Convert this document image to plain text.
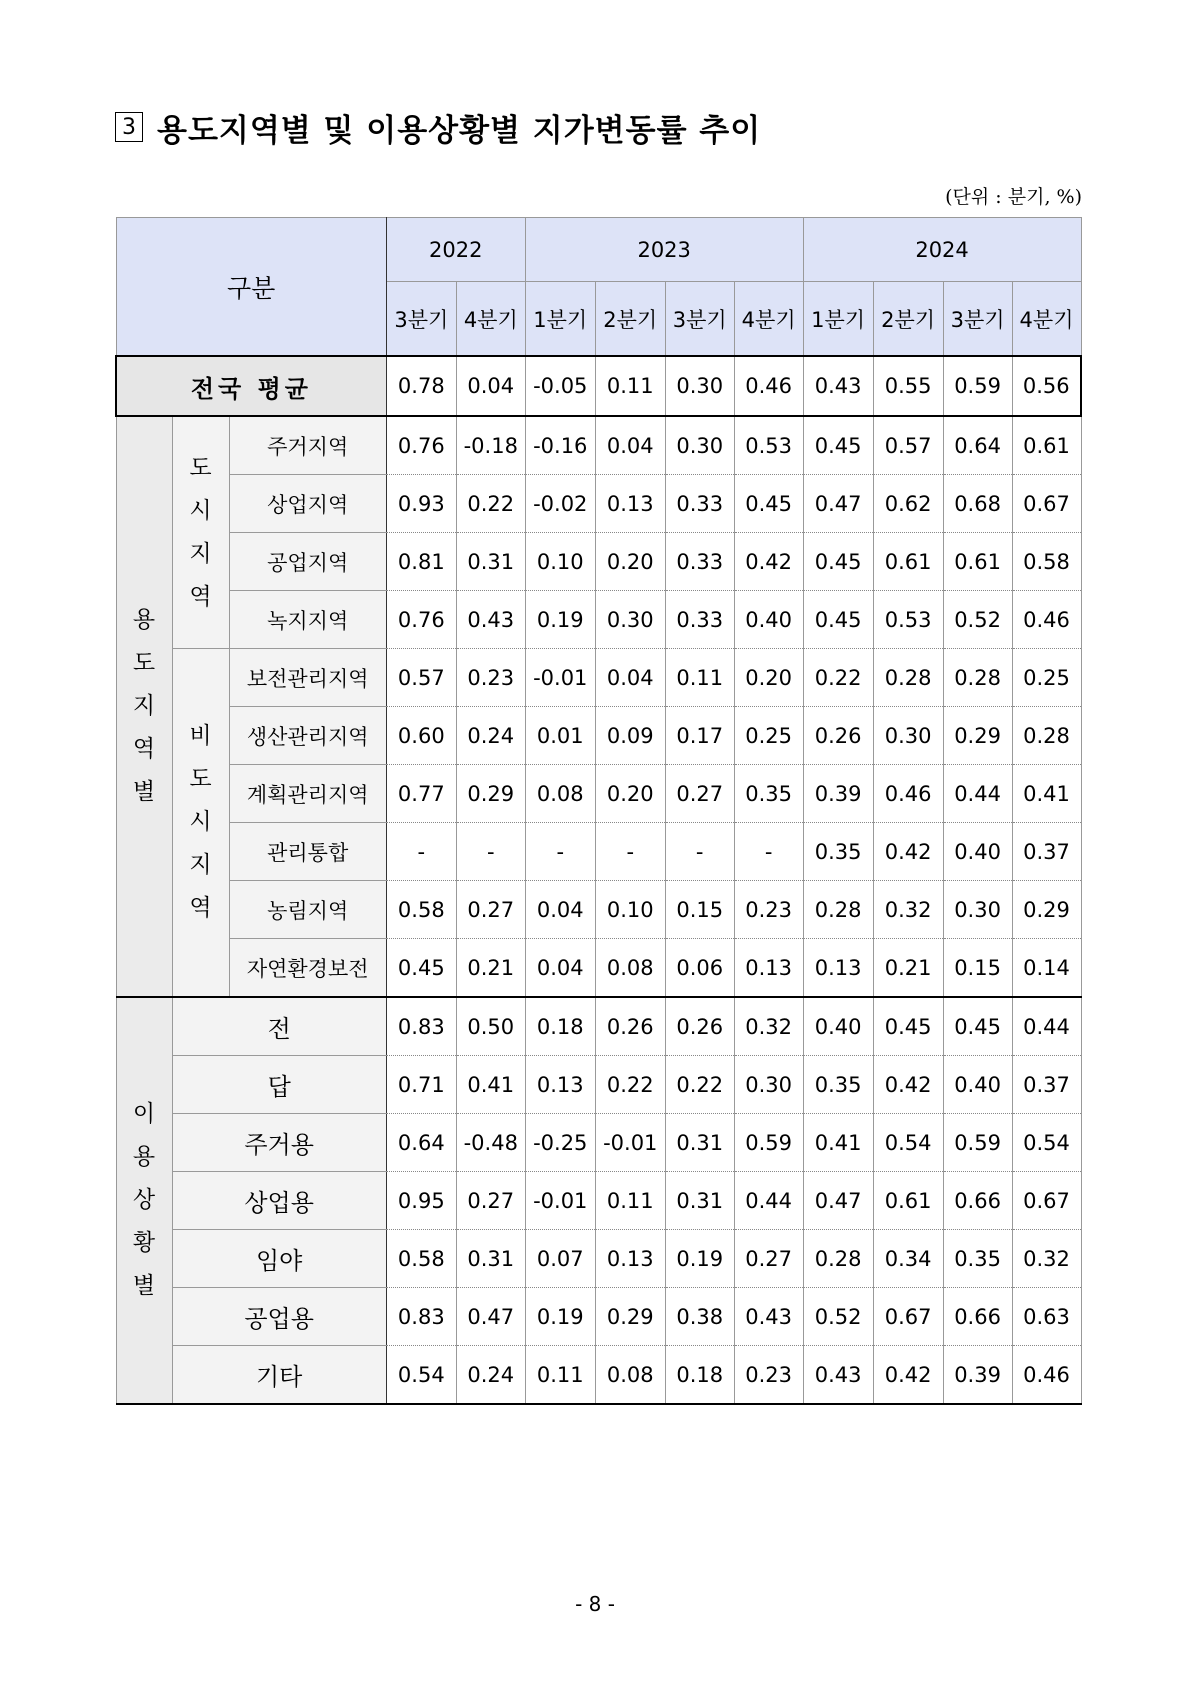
3 용도지역별 및 이용상황별 지가변동률 추이
(단위 : 분기, %)
구분			2022		2023				2024			
			3분기	4분기	1분기	2분기	3분기	4분기	1분기	2분기	3분기	4분기
전국 평균			0.78	0.04	-0.05	0.11	0.30	0.46	0.43	0.55	0.59	0.56
용
도
지
역
별	도
시
지
역	주거지역	0.76	-0.18	-0.16	0.04	0.30	0.53	0.45	0.57	0.64	0.61
		상업지역	0.93	0.22	-0.02	0.13	0.33	0.45	0.47	0.62	0.68	0.67
		공업지역	0.81	0.31	0.10	0.20	0.33	0.42	0.45	0.61	0.61	0.58
		녹지지역	0.76	0.43	0.19	0.30	0.33	0.40	0.45	0.53	0.52	0.46
	비
도
시
지
역	보전관리지역	0.57	0.23	-0.01	0.04	0.11	0.20	0.22	0.28	0.28	0.25
		생산관리지역	0.60	0.24	0.01	0.09	0.17	0.25	0.26	0.30	0.29	0.28
		계획관리지역	0.77	0.29	0.08	0.20	0.27	0.35	0.39	0.46	0.44	0.41
		관리통합	-	-	-	-	-	-	0.35	0.42	0.40	0.37
		농림지역	0.58	0.27	0.04	0.10	0.15	0.23	0.28	0.32	0.30	0.29
		자연환경보전	0.45	0.21	0.04	0.08	0.06	0.13	0.13	0.21	0.15	0.14
이
용
상
황
별	전		0.83	0.50	0.18	0.26	0.26	0.32	0.40	0.45	0.45	0.44
	답		0.71	0.41	0.13	0.22	0.22	0.30	0.35	0.42	0.40	0.37
	주거용		0.64	-0.48	-0.25	-0.01	0.31	0.59	0.41	0.54	0.59	0.54
	상업용		0.95	0.27	-0.01	0.11	0.31	0.44	0.47	0.61	0.66	0.67
	임야		0.58	0.31	0.07	0.13	0.19	0.27	0.28	0.34	0.35	0.32
	공업용		0.83	0.47	0.19	0.29	0.38	0.43	0.52	0.67	0.66	0.63
	기타		0.54	0.24	0.11	0.08	0.18	0.23	0.43	0.42	0.39	0.46
- 8 -
